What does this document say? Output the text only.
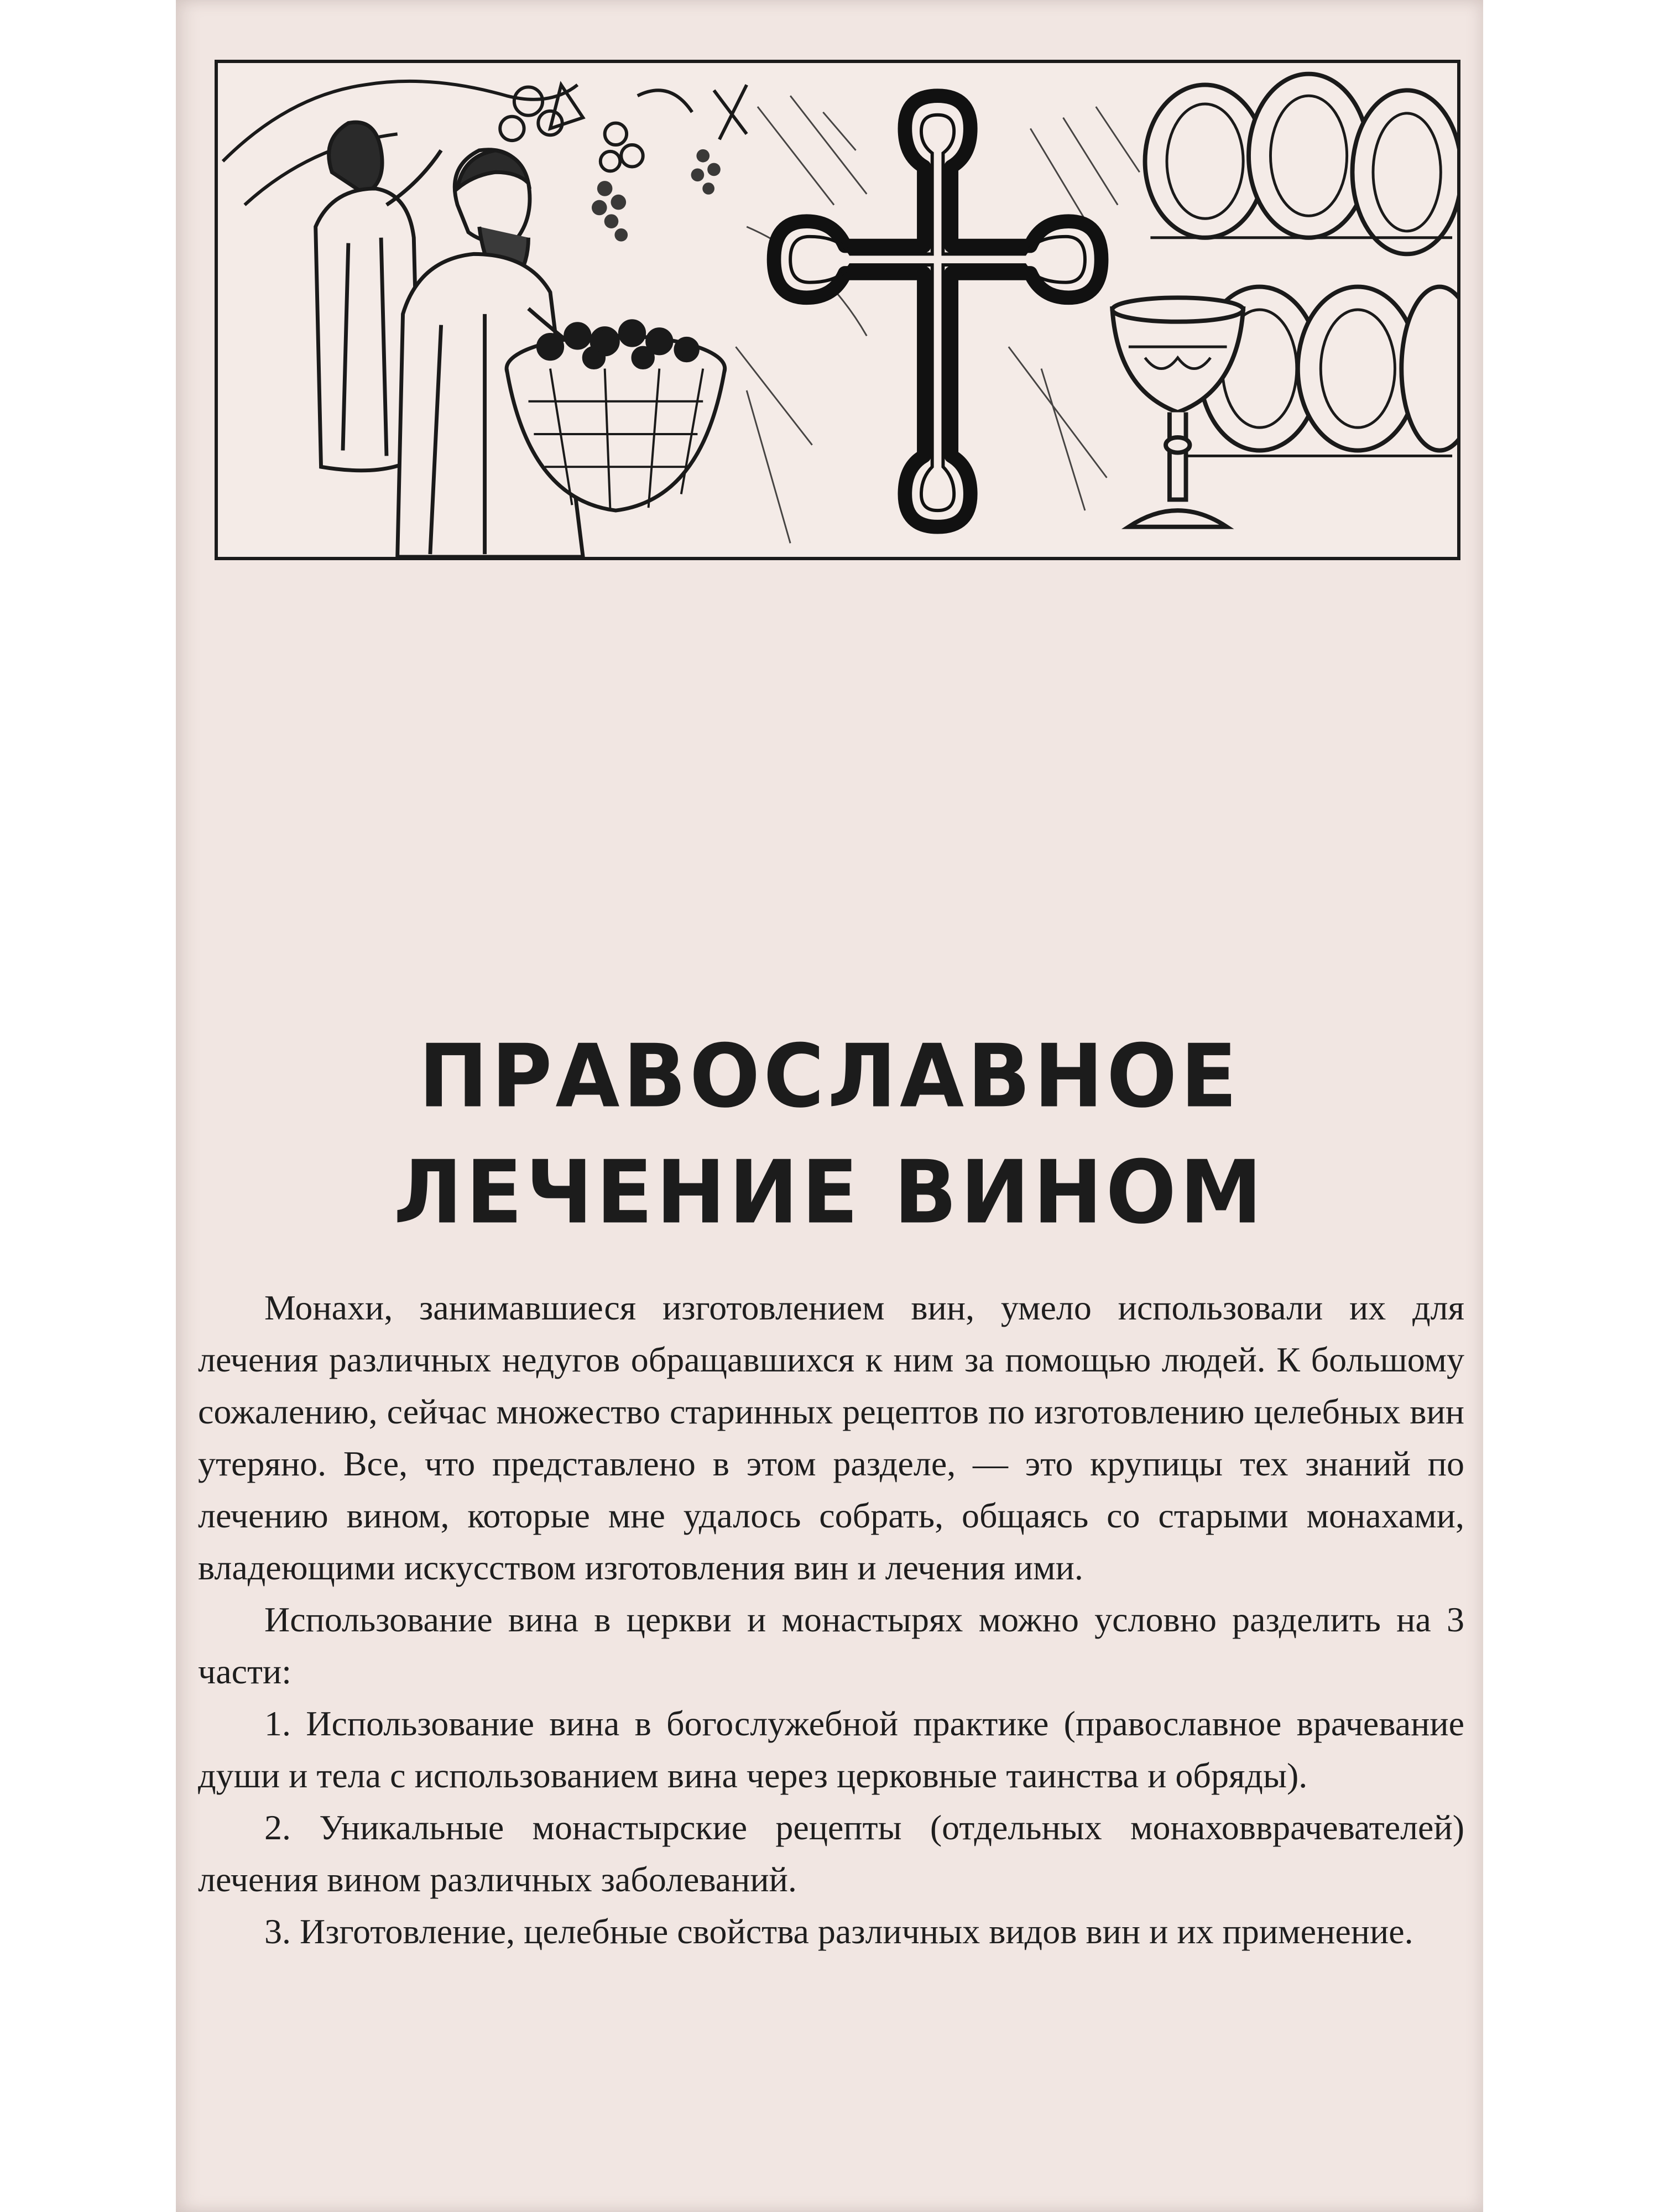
ПРАВОСЛАВНОЕ
ЛЕЧЕНИЕ ВИНОМ

Монахи, занимавшиеся изготовлением вин, умело использовали их для лечения различных недугов обращавшихся к ним за помощью людей. К большому сожалению, сейчас множество старинных рецептов по изготовлению целебных вин утеряно. Все, что представлено в этом разделе, — это крупицы тех знаний по лечению вином, которые мне удалось собрать, общаясь со старыми монахами, владеющими искусством изготовления вин и лечения ими.

Использование вина в церкви и монастырях можно условно разделить на 3 части:

1. Использование вина в богослужебной практике (православное врачевание души и тела с использованием вина через церковные таинства и обряды).

2. Уникальные монастырские рецепты (отдельных монаховврачевателей) лечения вином различных заболеваний.

3. Изготовление, целебные свойства различных видов вин и их применение.
